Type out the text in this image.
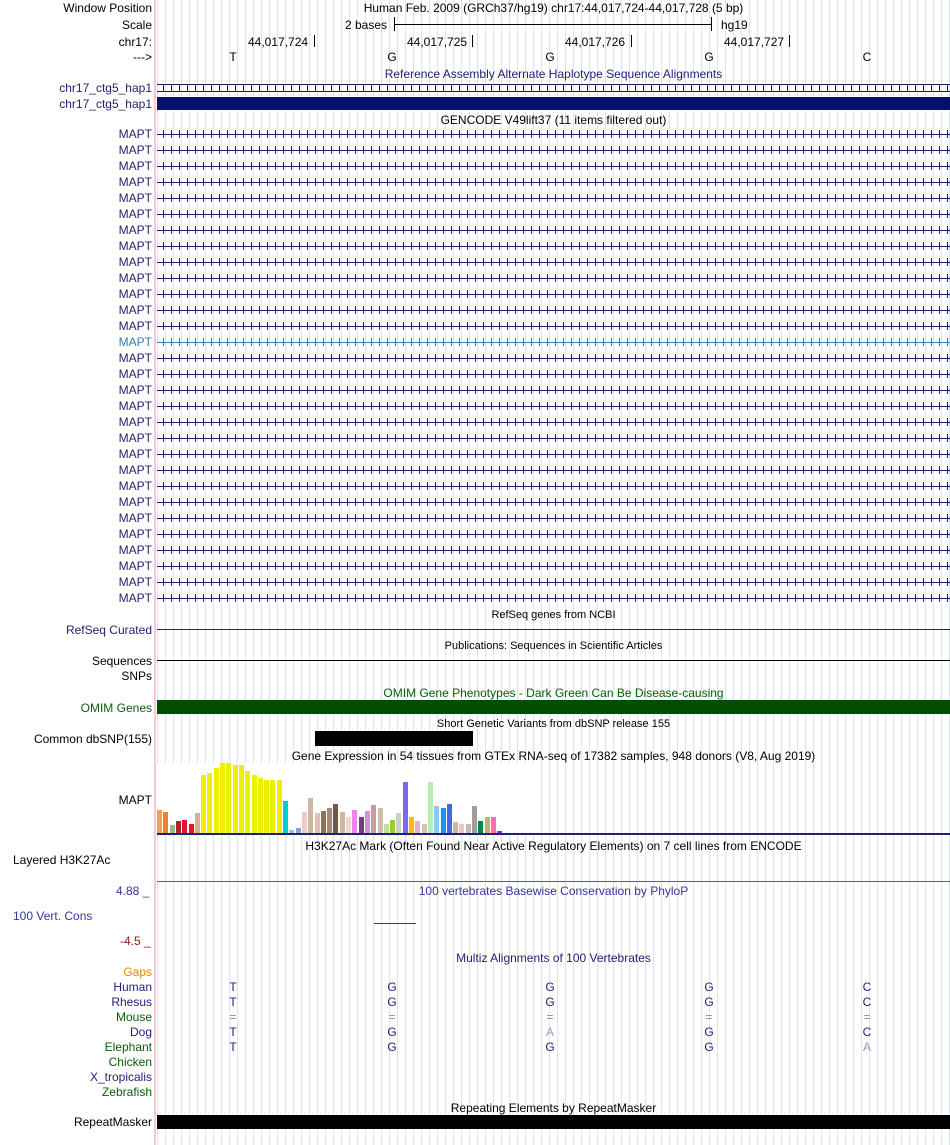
Window Position	Human Feb. 2009 (GRCh37/hg19) chr17:44,017,724-44,017,728 (5 bp)
Scale	2 bases	hg19
chr17:	44,017,724	44,017,725	44,017,726	44,017,727
--->	T	G	G	G	C
Reference Assembly Alternate Haplotype Sequence Alignments
chr17_ctg5_hap1
chr17_ctg5_hap1
GENCODE V49lift37 (11 items filtered out)
MAPT
MAPT
MAPT
MAPT
MAPT
MAPT
MAPT
MAPT
MAPT
MAPT
MAPT
MAPT
MAPT
MAPT
MAPT
MAPT
MAPT
MAPT
MAPT
MAPT
MAPT
MAPT
MAPT
MAPT
MAPT
MAPT
MAPT
MAPT
MAPT
MAPT
RefSeq genes from NCBI
RefSeq Curated
Publications: Sequences in Scientific Articles
Sequences
SNPs
OMIM Gene Phenotypes - Dark Green Can Be Disease-causing
OMIM Genes
Short Genetic Variants from dbSNP release 155
Common dbSNP(155)
Gene Expression in 54 tissues from GTEx RNA-seq of 17382 samples, 948 donors (V8, Aug 2019)
MAPT
H3K27Ac Mark (Often Found Near Active Regulatory Elements) on 7 cell lines from ENCODE
Layered H3K27Ac
4.88 _	100 vertebrates Basewise Conservation by PhyloP
100 Vert. Cons
-4.5 _
Multiz Alignments of 100 Vertebrates
Gaps
Human	T	G	G	G	C
Rhesus	T	G	G	G	C
Mouse	=	=	=	=	=
Dog	T	G	A	G	C
Elephant	T	G	G	G	A
Chicken
X_tropicalis
Zebrafish
Repeating Elements by RepeatMasker
RepeatMasker
